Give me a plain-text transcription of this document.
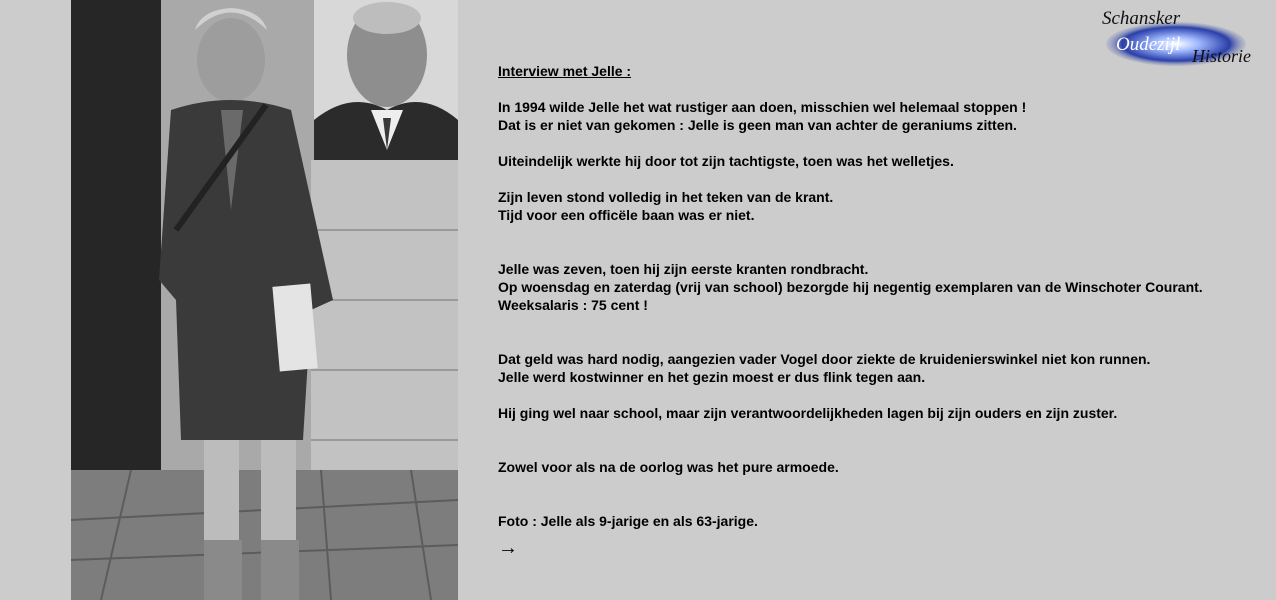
Schansker
Oudezijl
Historie

Interview met Jelle :

In 1994 wilde Jelle het wat rustiger aan doen, misschien wel helemaal stoppen !

Dat is er niet van gekomen : Jelle is geen man van achter de geraniums zitten.

Uiteindelijk werkte hij door tot zijn tachtigste, toen was het welletjes.

Zijn leven stond volledig in het teken van de krant.

Tijd voor een officële baan was er niet.

Jelle was zeven, toen hij zijn eerste kranten rondbracht.

Op woensdag en zaterdag (vrij van school) bezorgde hij negentig exemplaren van de Winschoter Courant.

Weeksalaris : 75 cent !

Dat geld was hard nodig, aangezien vader Vogel door ziekte de kruidenierswinkel niet kon runnen.

Jelle werd kostwinner en het gezin moest er dus flink tegen aan.

Hij ging wel naar school, maar zijn verantwoordelijkheden lagen bij zijn ouders en zijn zuster.

Zowel voor als na de oorlog was het pure armoede.

Foto : Jelle als 9-jarige en als 63-jarige.

→
